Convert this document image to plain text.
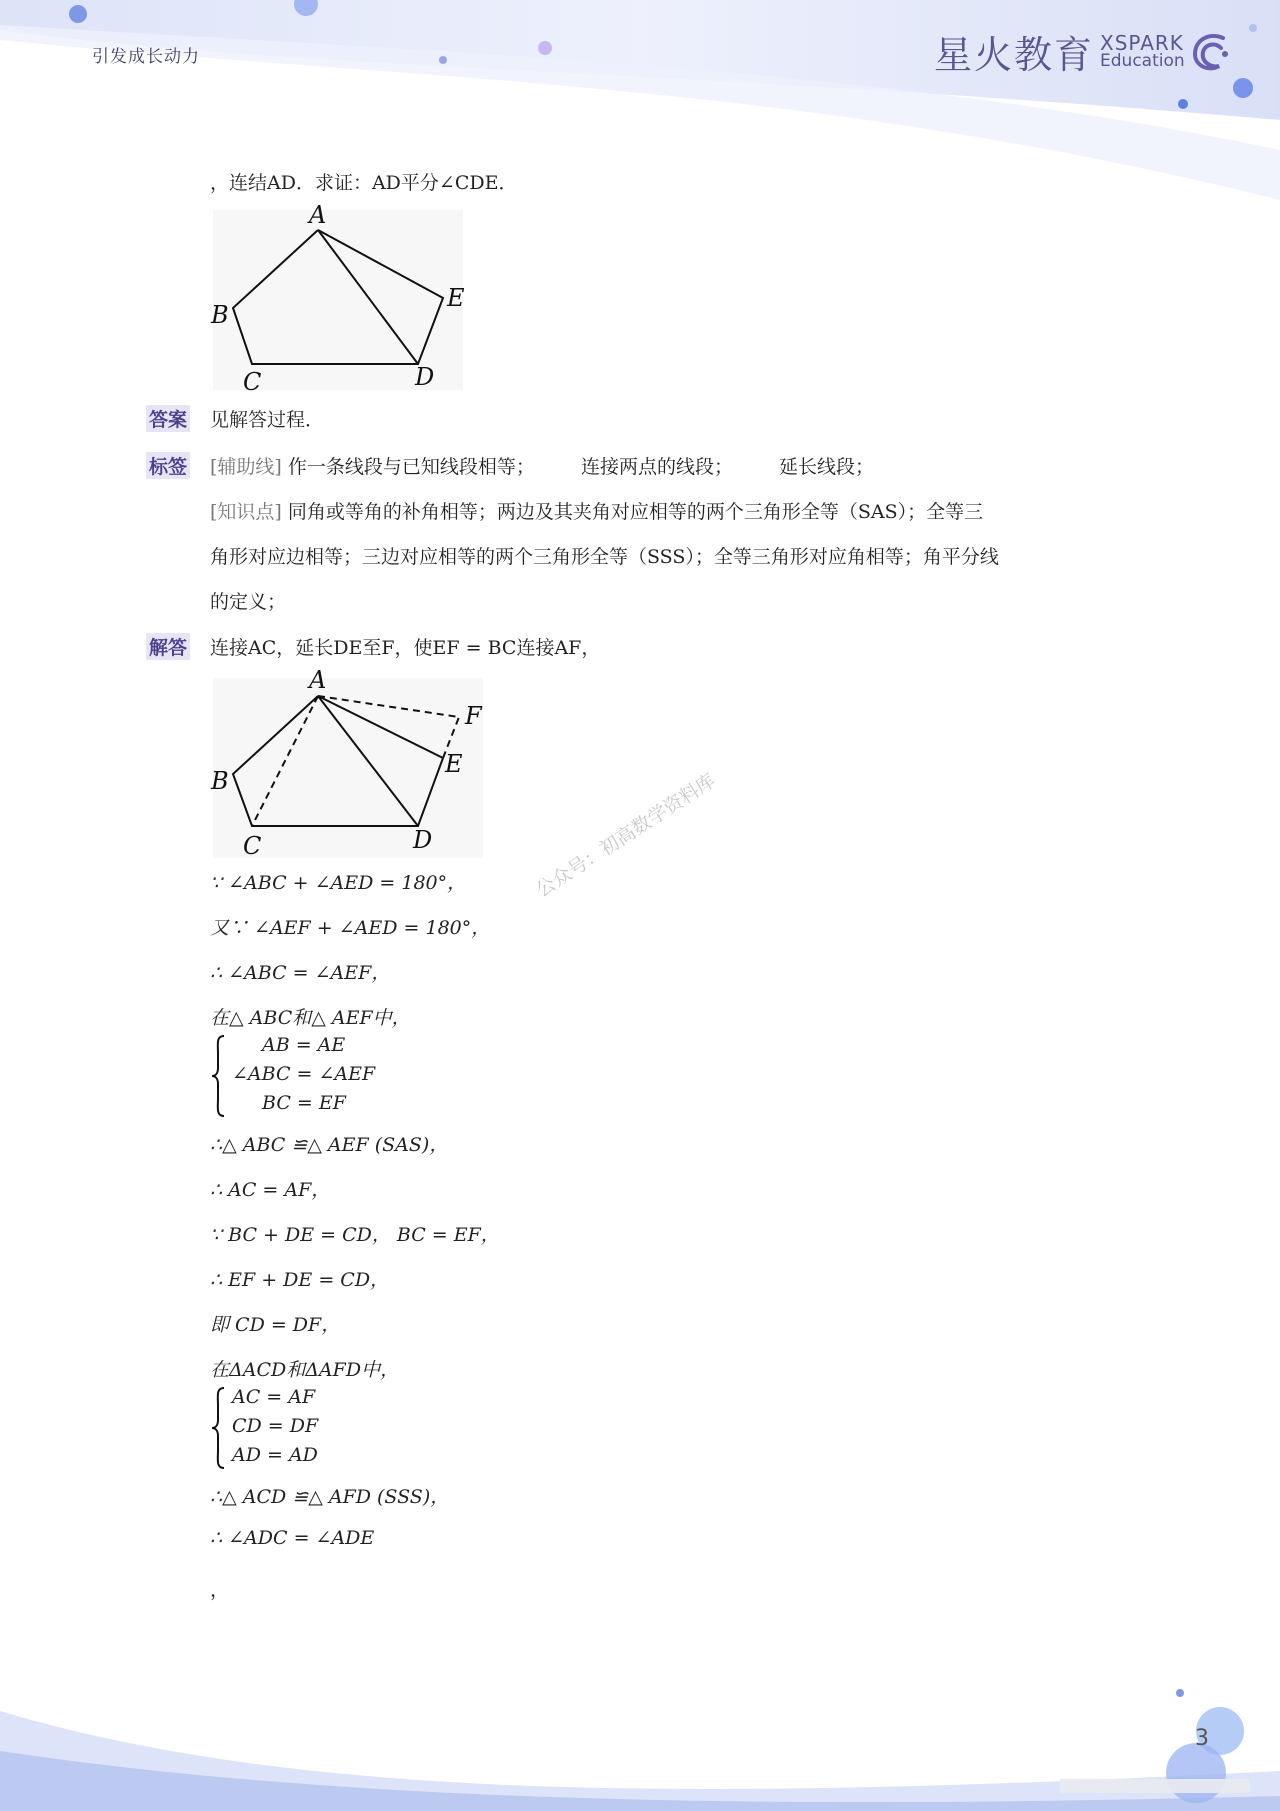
引发成长动力	星火教育 XSPARK
Education
，连结AD．求证：AD平分∠CDE．
A
B
C	D
E
答案 见解答过程．
标签 [辅助线] 作一条线段与已知线段相等； 连接两点的线段； 延长线段；
[知识点] 同角或等角的补角相等；两边及其夹角对应相等的两个三角形全等（SAS）；全等三
角形对应边相等；三边对应相等的两个三角形全等（SSS）；全等三角形对应角相等；角平分线
的定义；
解答 连接AC，延长DE至F，使EF = BC连接AF，
A
B
C	D
E
F
∵ ∠ABC + ∠AED = 180°，
又∵ ∠AEF + ∠AED = 180°，
∴ ∠ABC = ∠AEF，
在△ ABC和△ AEF中，
AB = AE
∠ABC = ∠AEF
BC = EF
∴△ ABC ≌△ AEF (SAS)，
∴ AC = AF，
∵ BC + DE = CD， BC = EF，
∴ EF + DE = CD，
即 CD = DF，
在ΔACD和ΔAFD中，
AC = AF
CD = DF
AD = AD
∴△ ACD ≌△ AFD (SSS)，
∴ ∠ADC = ∠ADE
，
公众号：初高数学资料库
3
